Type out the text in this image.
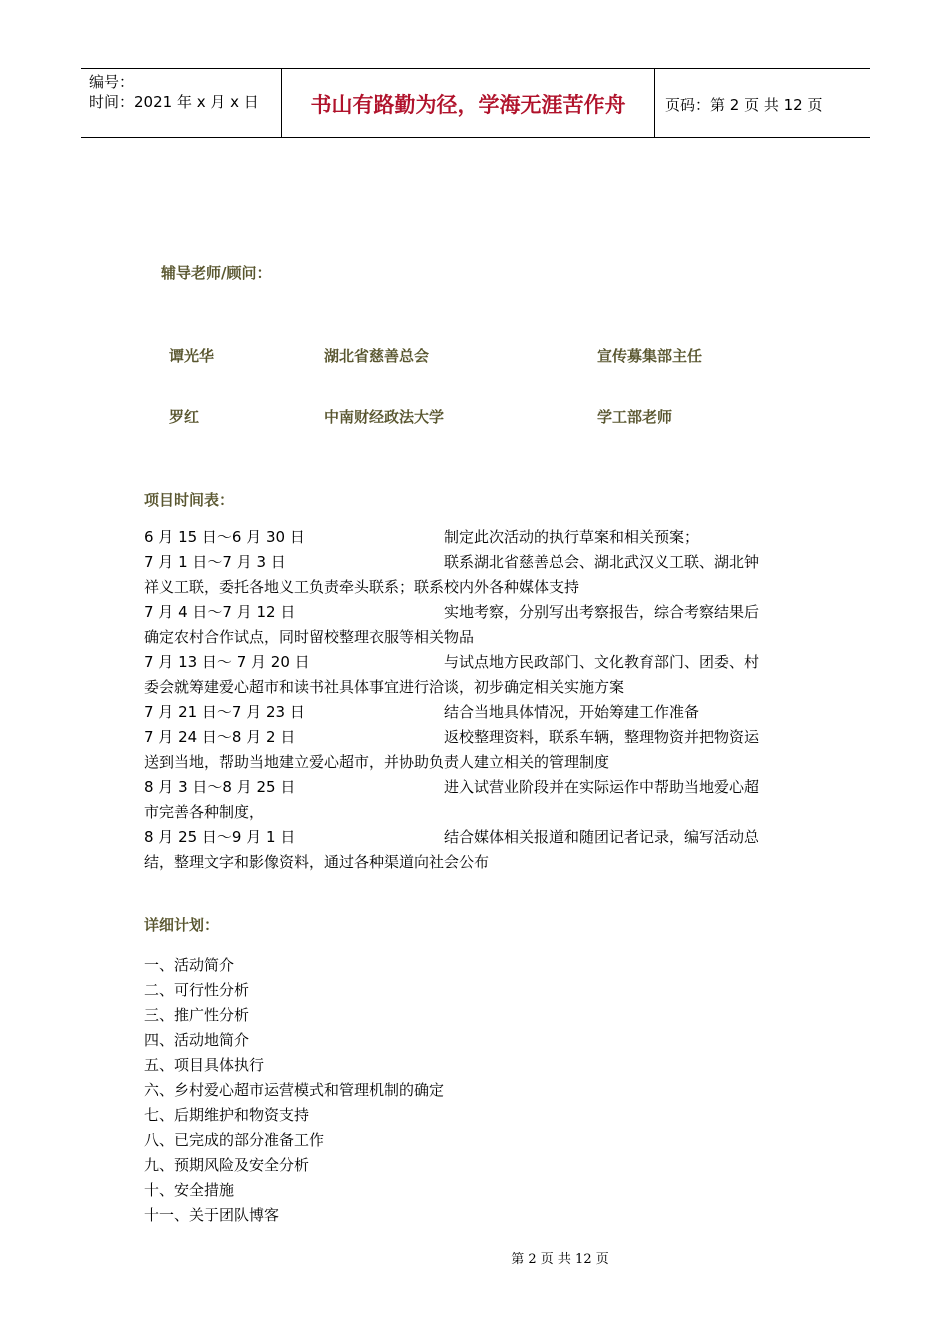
编号：
时间：2021 年 x 月 x 日	书山有路勤为径，学海无涯苦作舟	页码：第 2 页 共 12 页
辅导老师/顾问：
谭光华	湖北省慈善总会	宣传募集部主任
罗红	中南财经政法大学	学工部老师
项目时间表：
6 月 15 日～6 月 30 日	制定此次活动的执行草案和相关预案；
7 月 1 日～7 月 3 日	联系湖北省慈善总会、湖北武汉义工联、湖北钟
祥义工联，委托各地义工负责牵头联系；联系校内外各种媒体支持
7 月 4 日～7 月 12 日	实地考察，分别写出考察报告，综合考察结果后
确定农村合作试点，同时留校整理衣服等相关物品
7 月 13 日～ 7 月 20 日	与试点地方民政部门、文化教育部门、团委、村
委会就筹建爱心超市和读书社具体事宜进行洽谈，初步确定相关实施方案
7 月 21 日～7 月 23 日	结合当地具体情况，开始筹建工作准备
7 月 24 日～8 月 2 日	返校整理资料，联系车辆，整理物资并把物资运
送到当地，帮助当地建立爱心超市，并协助负责人建立相关的管理制度
8 月 3 日～8 月 25 日	进入试营业阶段并在实际运作中帮助当地爱心超
市完善各种制度，
8 月 25 日～9 月 1 日	结合媒体相关报道和随团记者记录，编写活动总
结，整理文字和影像资料，通过各种渠道向社会公布
详细计划：
一、活动简介
二、可行性分析
三、推广性分析
四、活动地简介
五、项目具体执行
六、乡村爱心超市运营模式和管理机制的确定
七、后期维护和物资支持
八、已完成的部分准备工作
九、预期风险及安全分析
十、安全措施
十一、关于团队博客
第 2 页 共 12 页
